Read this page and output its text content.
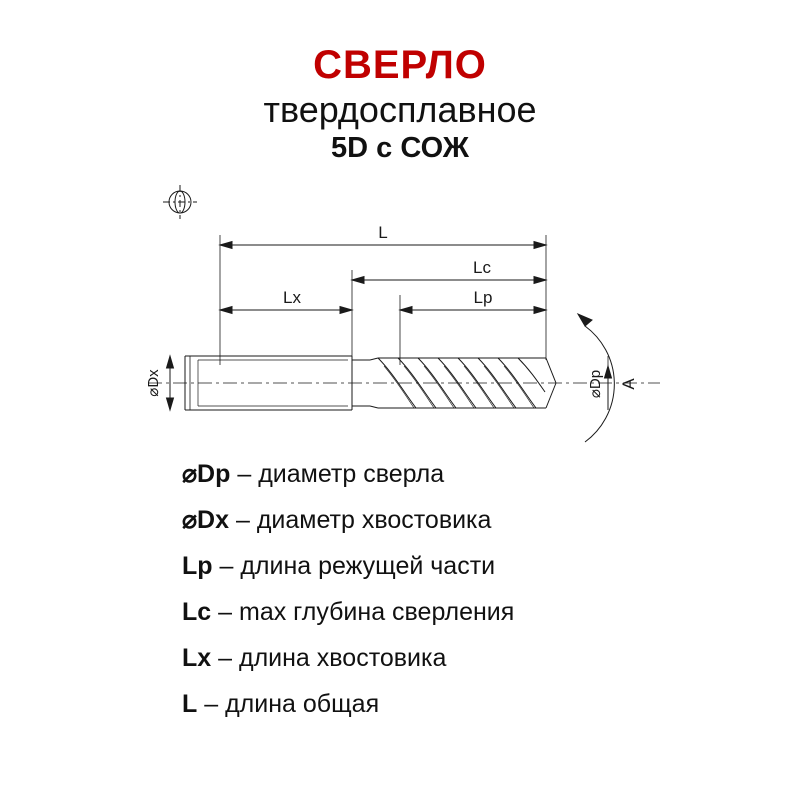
СВЕРЛО
твердосплавное
5D с СОЖ
L
Lc
Lx	Lp
⌀Dx	⌀Dp A
⌀Dp – диаметр сверла
⌀Dx – диаметр хвостовика
Lp – длина режущей части
Lc – max глубина сверления
Lx – длина хвостовика
L – длина общая
